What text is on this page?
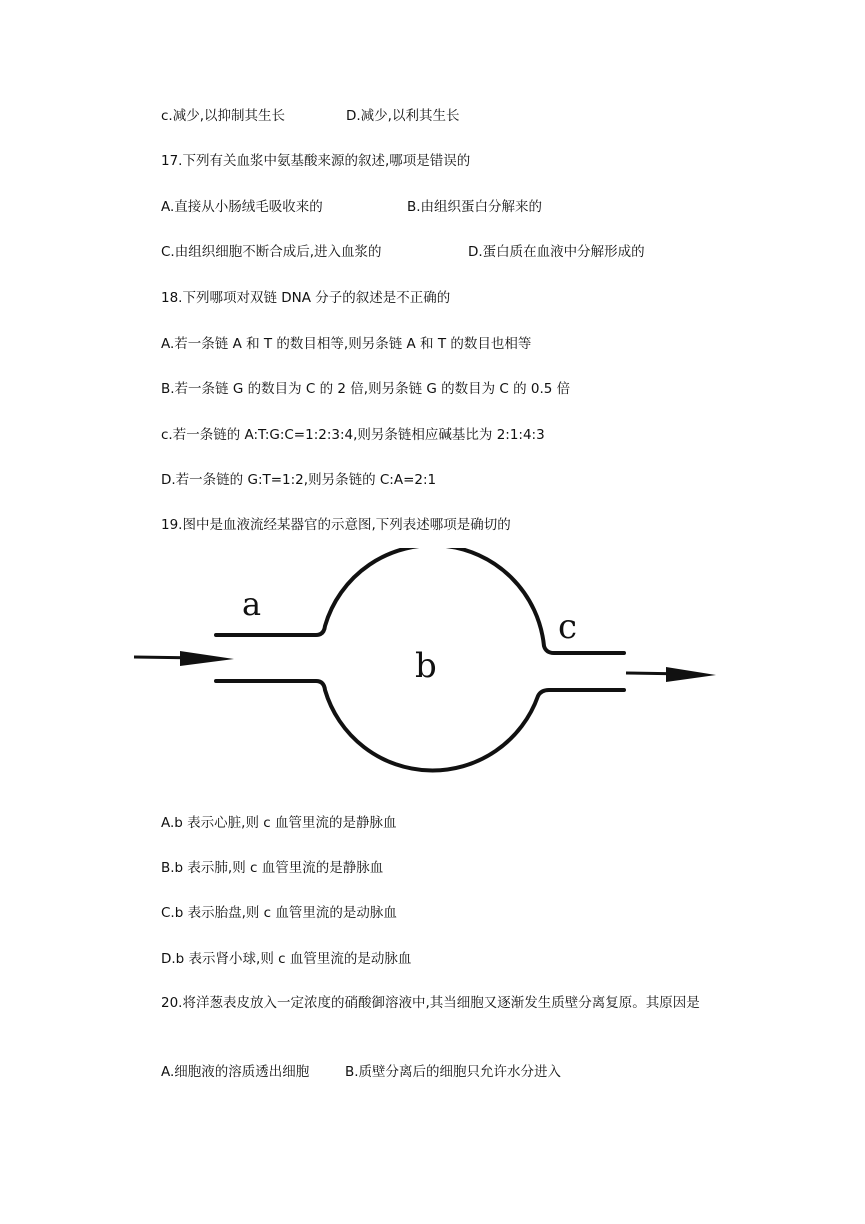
c.减少,以抑制其生长	D.减少,以利其生长
17.下列有关血浆中氨基酸来源的叙述,哪项是错误的
A.直接从小肠绒毛吸收来的	B.由组织蛋白分解来的
C.由组织细胞不断合成后,进入血浆的	D.蛋白质在血液中分解形成的
18.下列哪项对双链 DNA 分子的叙述是不正确的
A.若一条链 A 和 T 的数目相等,则另条链 A 和 T 的数目也相等
B.若一条链 G 的数目为 C 的 2 倍,则另条链 G 的数目为 C 的 0.5 倍
c.若一条链的 A:T:G:C=1:2:3:4,则另条链相应碱基比为 2:1:4:3
D.若一条链的 G:T=1:2,则另条链的 C:A=2:1
19.图中是血液流经某器官的示意图,下列表述哪项是确切的
a
b
c
A.b 表示心脏,则 c 血管里流的是静脉血
B.b 表示肺,则 c 血管里流的是静脉血
C.b 表示胎盘,则 c 血管里流的是动脉血
D.b 表示肾小球,则 c 血管里流的是动脉血
20.将洋葱表皮放入一定浓度的硝酸御溶液中,其当细胞又逐渐发生质壁分离复原。其原因是
A.细胞液的溶质透出细胞	B.质壁分离后的细胞只允许水分进入
